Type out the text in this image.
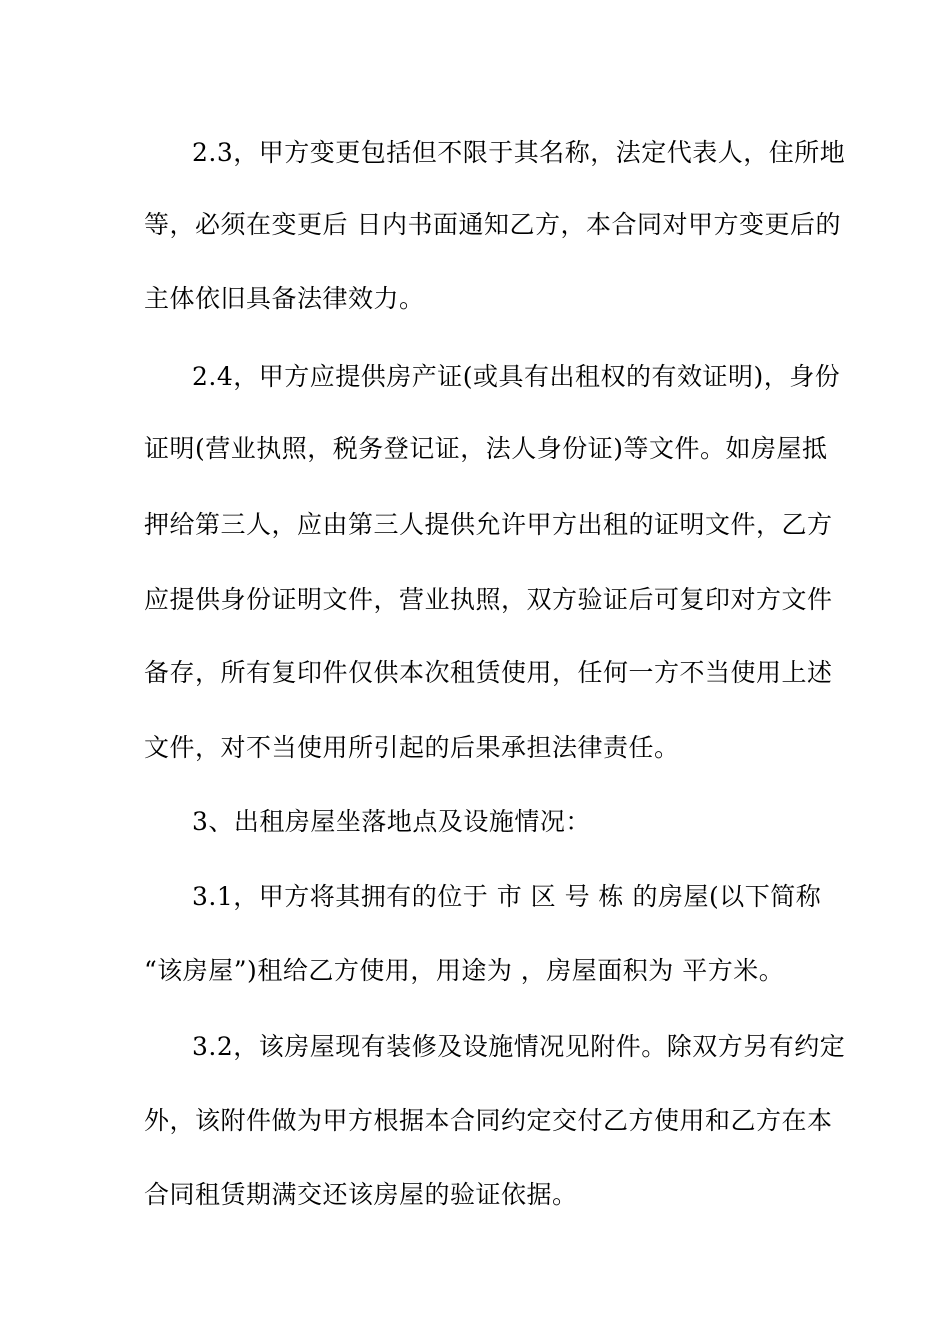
2.3，甲方变更包括但不限于其名称，法定代表人，住所地
等，必须在变更后 日内书面通知乙方，本合同对甲方变更后的
主体依旧具备法律效力。
2.4，甲方应提供房产证(或具有出租权的有效证明)，身份
证明(营业执照，税务登记证，法人身份证)等文件。如房屋抵
押给第三人，应由第三人提供允许甲方出租的证明文件，乙方
应提供身份证明文件，营业执照，双方验证后可复印对方文件
备存，所有复印件仅供本次租赁使用，任何一方不当使用上述
文件，对不当使用所引起的后果承担法律责任。
3、出租房屋坐落地点及设施情况：
3.1，甲方将其拥有的位于 市 区 号 栋 的房屋(以下简称
“该房屋”)租给乙方使用，用途为 ，房屋面积为 平方米。
3.2，该房屋现有装修及设施情况见附件。除双方另有约定
外，该附件做为甲方根据本合同约定交付乙方使用和乙方在本
合同租赁期满交还该房屋的验证依据。
